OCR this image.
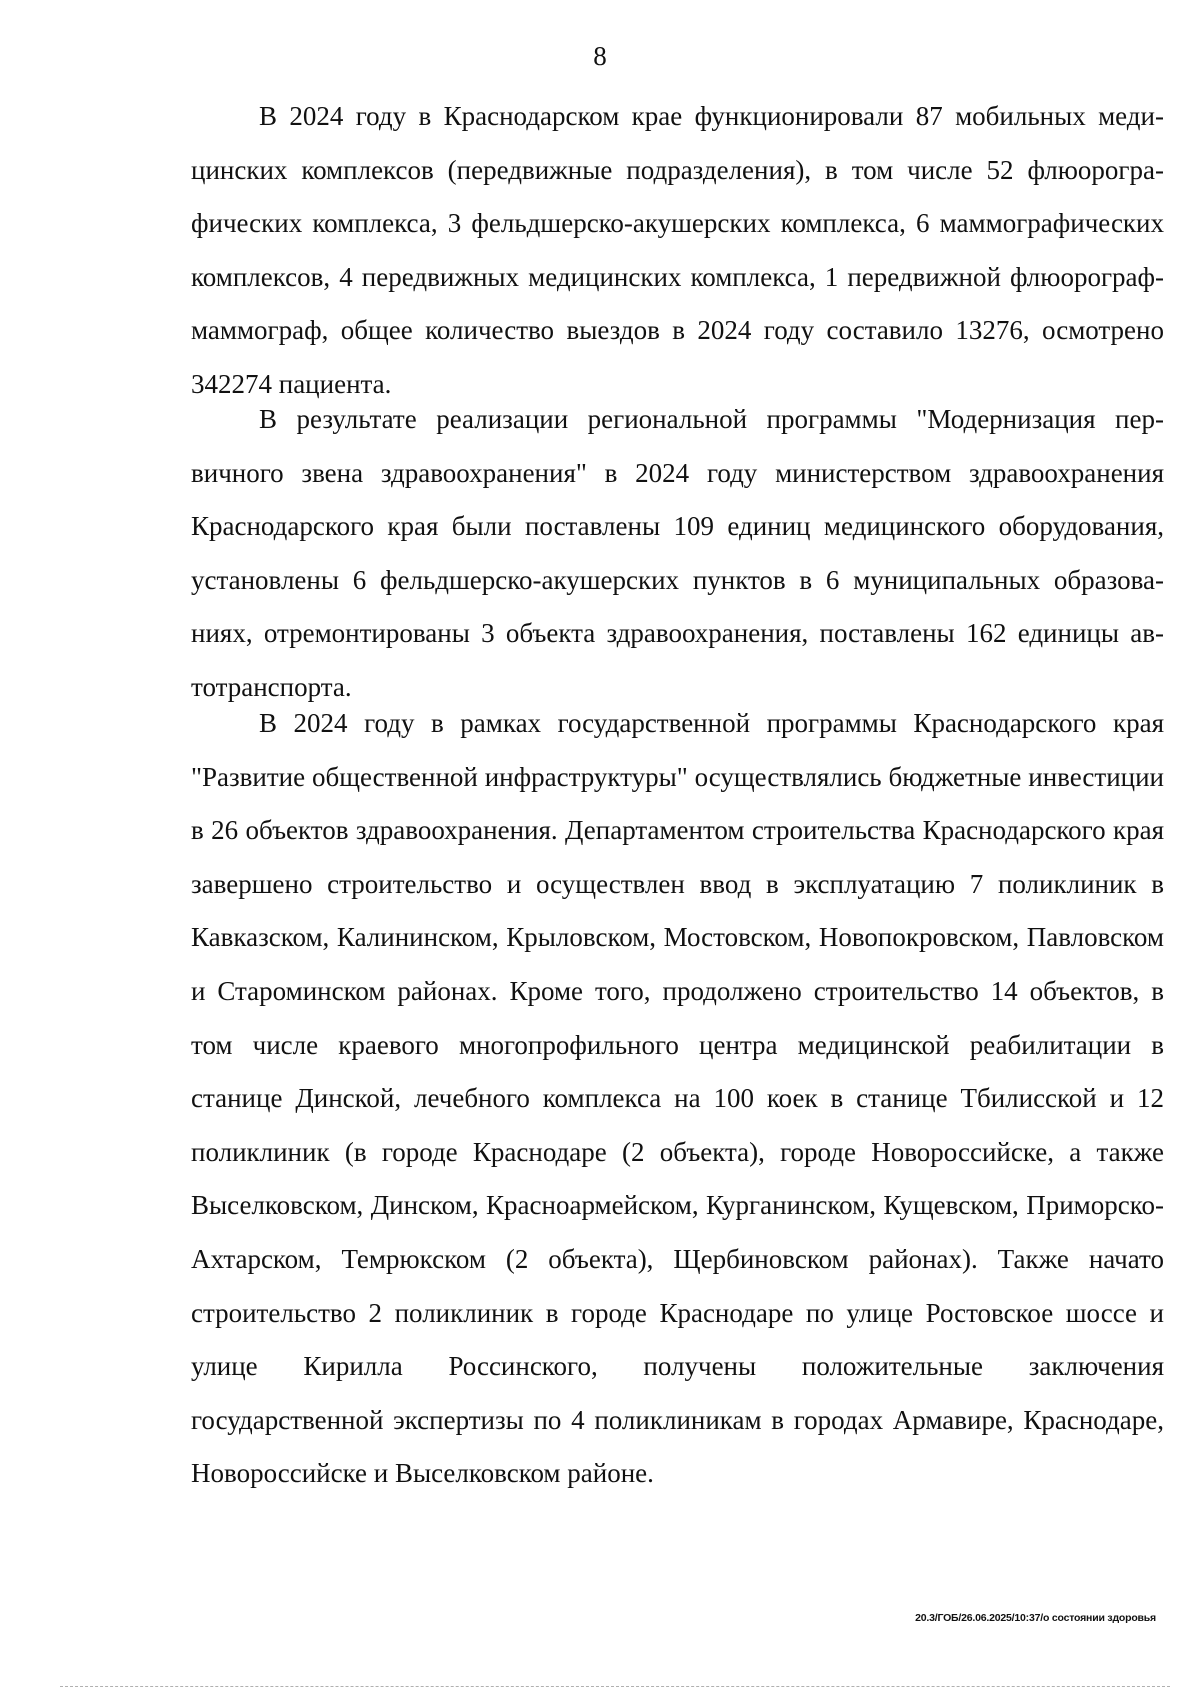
8

В 2024 году в Краснодарском крае функционировали 87 мобильных медицинских комплексов (передвижные подразделения), в том числе 52 флюорографических комплекса, 3 фельдшерско-акушерских комплекса, 6 маммографических комплексов, 4 передвижных медицинских комплекса, 1 передвижной флюорограф-маммограф, общее количество выездов в 2024 году составило 13276, осмотрено 342274 пациента.

В результате реализации региональной программы "Модернизация первичного звена здравоохранения" в 2024 году министерством здравоохранения Краснодарского края были поставлены 109 единиц медицинского оборудования, установлены 6 фельдшерско-акушерских пунктов в 6 муниципальных образованиях, отремонтированы 3 объекта здравоохранения, поставлены 162 единицы автотранспорта.

В 2024 году в рамках государственной программы Краснодарского края "Развитие общественной инфраструктуры" осуществлялись бюджетные инвестиции в 26 объектов здравоохранения. Департаментом строительства Краснодарского края завершено строительство и осуществлен ввод в эксплуатацию 7 поликлиник в Кавказском, Калининском, Крыловском, Мостовском, Новопокровском, Павловском и Староминском районах. Кроме того, продолжено строительство 14 объектов, в том числе краевого многопрофильного центра медицинской реабилитации в станице Динской, лечебного комплекса на 100 коек в станице Тбилисской и 12 поликлиник (в городе Краснодаре (2 объекта), городе Новороссийске, а также Выселковском, Динском, Красноармейском, Курганинском, Кущевском, Приморско-Ахтарском, Темрюкском (2 объекта), Щербиновском районах). Также начато строительство 2 поликлиник в городе Краснодаре по улице Ростовское шоссе и улице Кирилла Россинского, получены положительные заключения государственной экспертизы по 4 поликлиникам в городах Армавире, Краснодаре, Новороссийске и Выселковском районе.

20.3/ГОБ/26.06.2025/10:37/о состоянии здоровья
